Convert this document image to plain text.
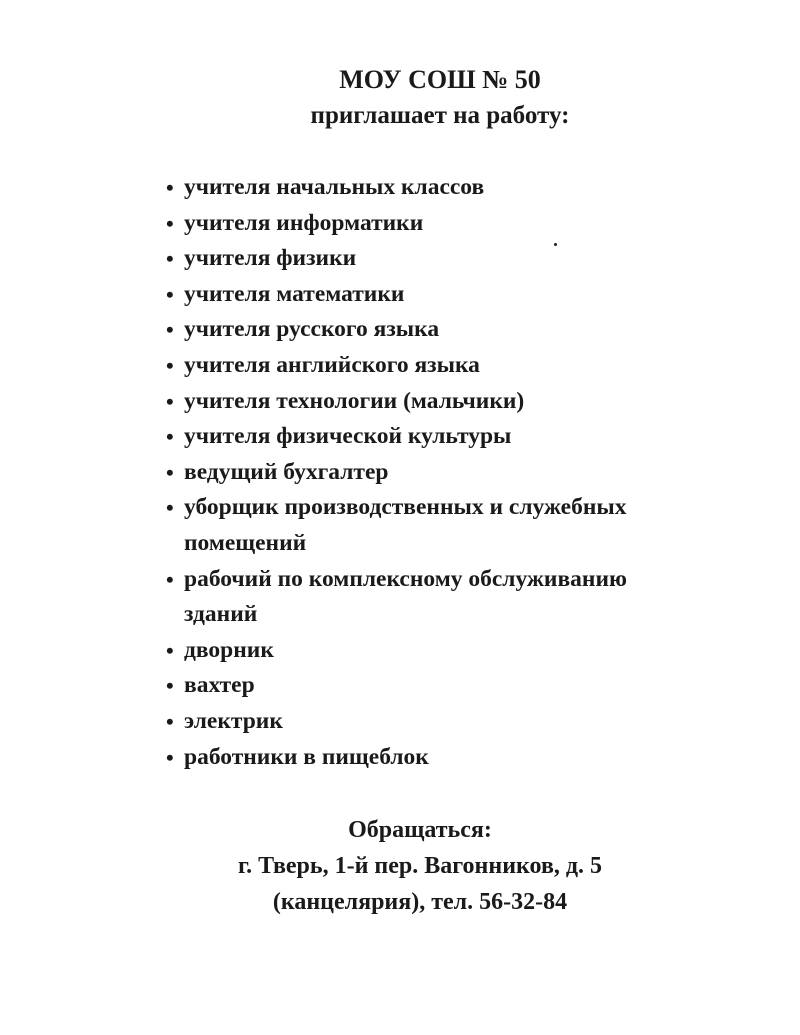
МОУ СОШ № 50
приглашает на работу:
• учителя начальных классов
• учителя информатики
• учителя физики
• учителя математики
• учителя русского языка
• учителя английского языка
• учителя технологии (мальчики)
• учителя физической культуры
• ведущий бухгалтер
• уборщик производственных и служебных
помещений
• рабочий по комплексному обслуживанию
зданий
• дворник
• вахтер
• электрик
• работники в пищеблок
Обращаться:
г. Тверь, 1-й пер. Вагонников, д. 5
(канцелярия), тел. 56-32-84
